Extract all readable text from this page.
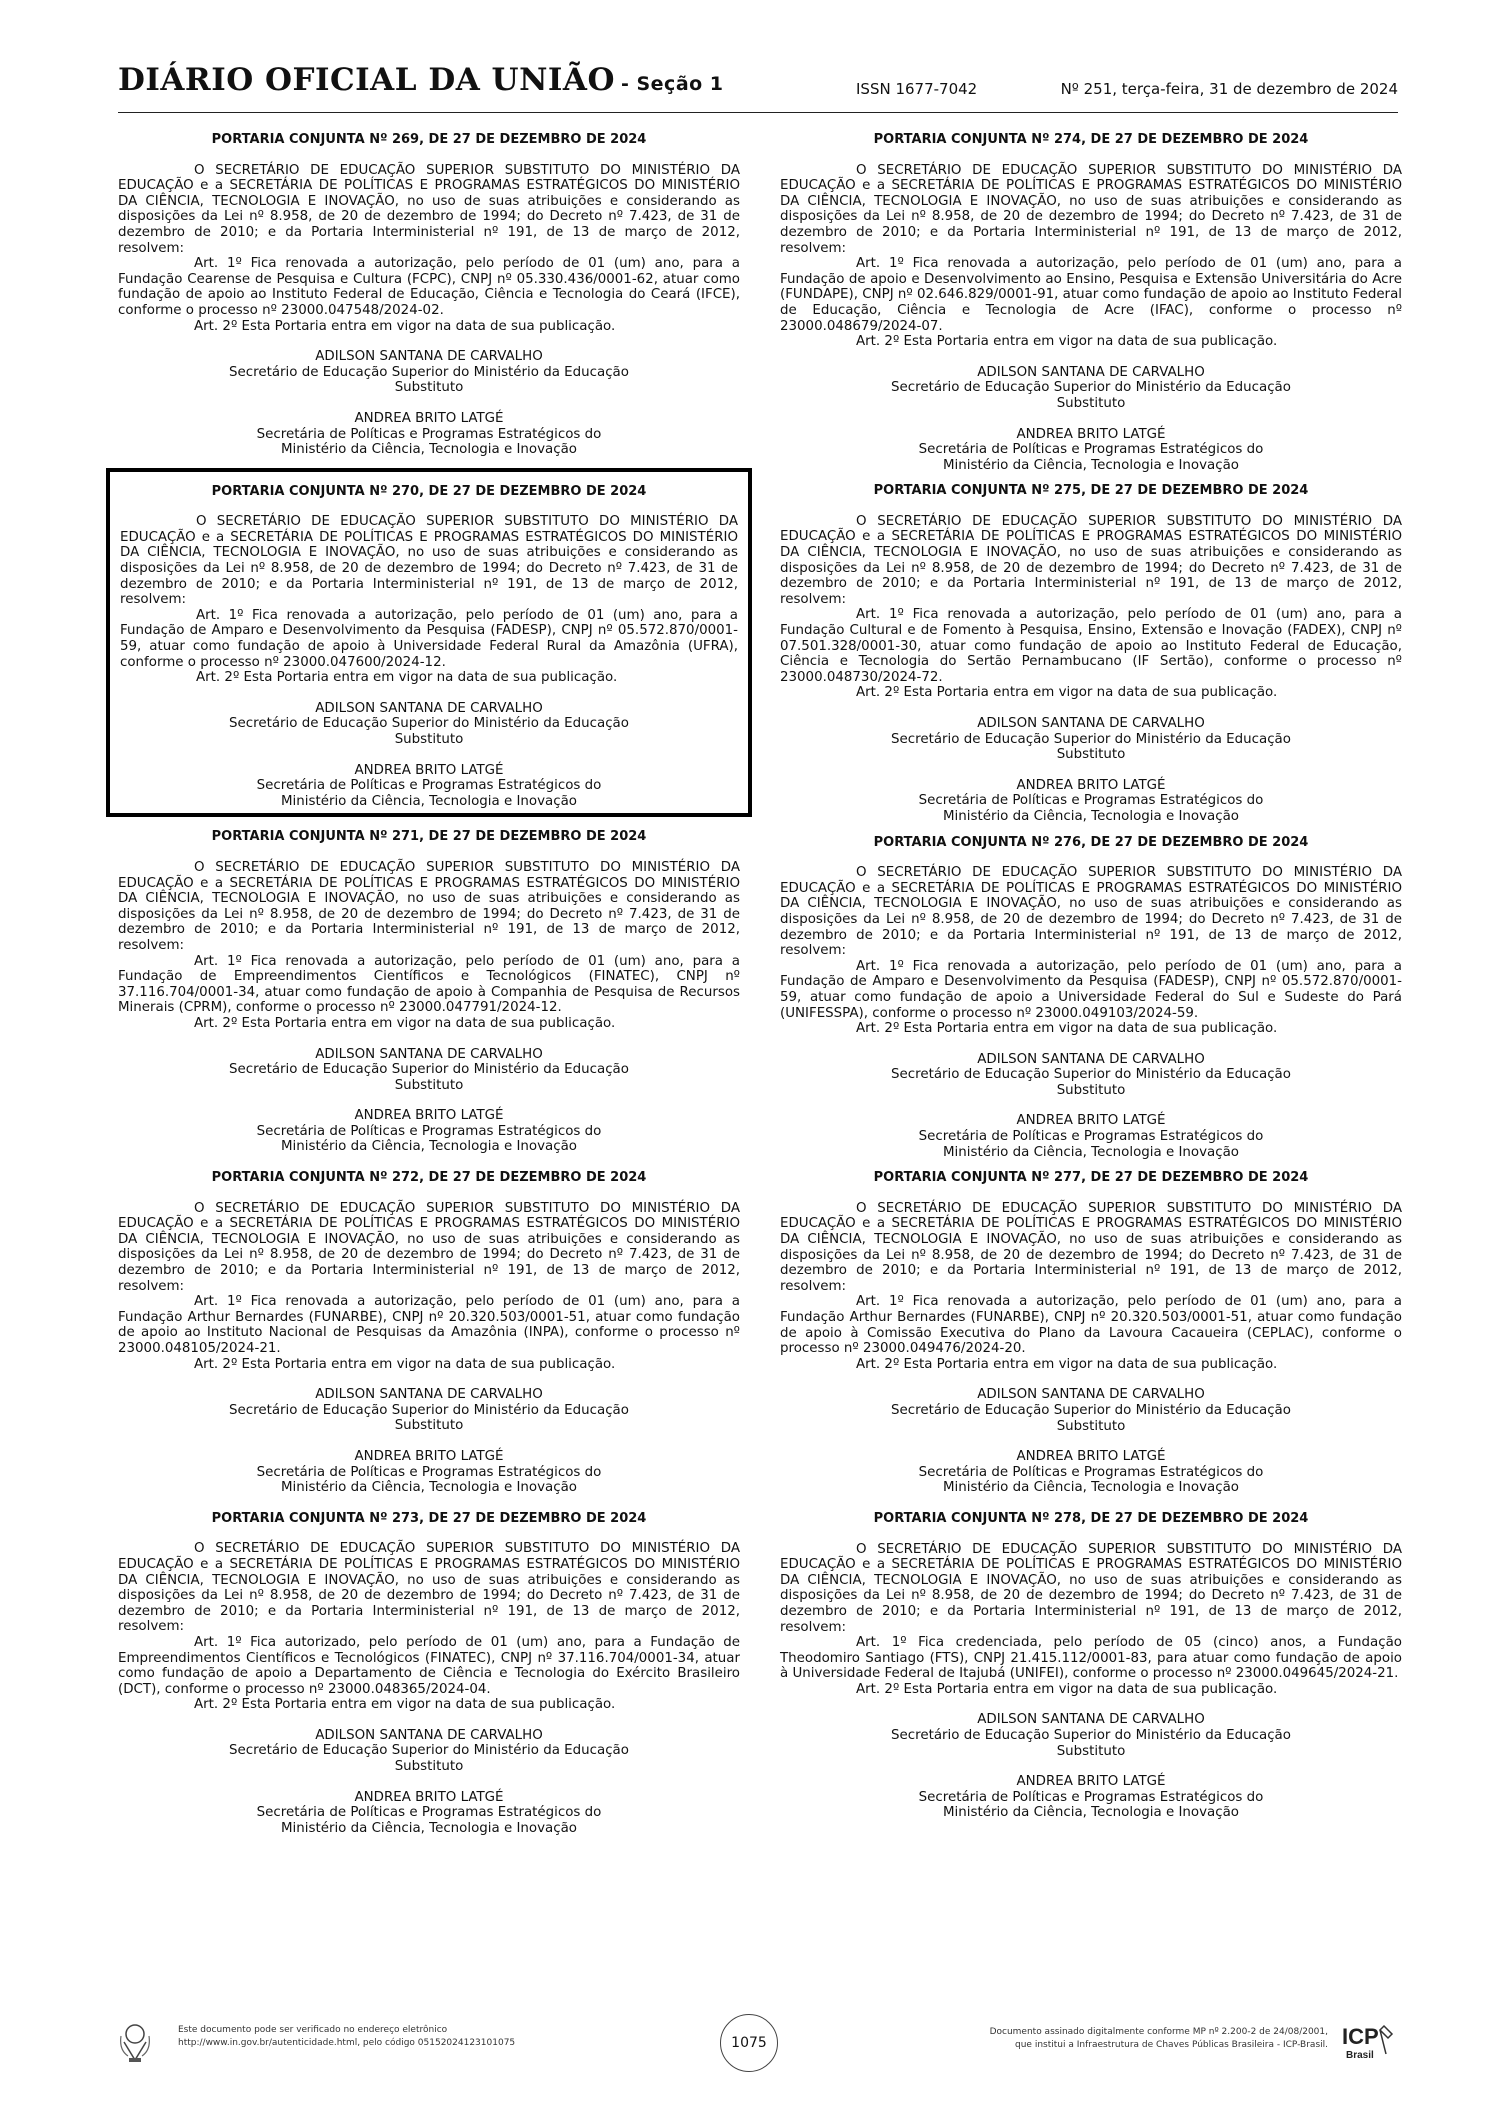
DIÁRIO OFICIAL DA UNIÃO - Seção 1	ISSN 1677-7042	Nº 251, terça-feira, 31 de dezembro de 2024

PORTARIA CONJUNTA Nº 269, DE 27 DE DEZEMBRO DE 2024

O SECRETÁRIO DE EDUCAÇÃO SUPERIOR SUBSTITUTO DO MINISTÉRIO DA EDUCAÇÃO e a SECRETÁRIA DE POLÍTICAS E PROGRAMAS ESTRATÉGICOS DO MINISTÉRIO DA CIÊNCIA, TECNOLOGIA E INOVAÇÃO, no uso de suas atribuições e considerando as disposições da Lei nº 8.958, de 20 de dezembro de 1994; do Decreto nº 7.423, de 31 de dezembro de 2010; e da Portaria Interministerial nº 191, de 13 de março de 2012, resolvem:

Art. 1º Fica renovada a autorização, pelo período de 01 (um) ano, para a Fundação Cearense de Pesquisa e Cultura (FCPC), CNPJ nº 05.330.436/0001-62, atuar como fundação de apoio ao Instituto Federal de Educação, Ciência e Tecnologia do Ceará (IFCE), conforme o processo nº 23000.047548/2024-02.

Art. 2º Esta Portaria entra em vigor na data de sua publicação.

ADILSON SANTANA DE CARVALHO

Secretário de Educação Superior do Ministério da Educação

Substituto

ANDREA BRITO LATGÉ

Secretária de Políticas e Programas Estratégicos do

Ministério da Ciência, Tecnologia e Inovação

PORTARIA CONJUNTA Nº 270, DE 27 DE DEZEMBRO DE 2024

O SECRETÁRIO DE EDUCAÇÃO SUPERIOR SUBSTITUTO DO MINISTÉRIO DA EDUCAÇÃO e a SECRETÁRIA DE POLÍTICAS E PROGRAMAS ESTRATÉGICOS DO MINISTÉRIO DA CIÊNCIA, TECNOLOGIA E INOVAÇÃO, no uso de suas atribuições e considerando as disposições da Lei nº 8.958, de 20 de dezembro de 1994; do Decreto nº 7.423, de 31 de dezembro de 2010; e da Portaria Interministerial nº 191, de 13 de março de 2012, resolvem:

Art. 1º Fica renovada a autorização, pelo período de 01 (um) ano, para a Fundação de Amparo e Desenvolvimento da Pesquisa (FADESP), CNPJ nº 05.572.870/0001-59, atuar como fundação de apoio à Universidade Federal Rural da Amazônia (UFRA), conforme o processo nº 23000.047600/2024-12.

Art. 2º Esta Portaria entra em vigor na data de sua publicação.

ADILSON SANTANA DE CARVALHO

Secretário de Educação Superior do Ministério da Educação

Substituto

ANDREA BRITO LATGÉ

Secretária de Políticas e Programas Estratégicos do

Ministério da Ciência, Tecnologia e Inovação

PORTARIA CONJUNTA Nº 271, DE 27 DE DEZEMBRO DE 2024

O SECRETÁRIO DE EDUCAÇÃO SUPERIOR SUBSTITUTO DO MINISTÉRIO DA EDUCAÇÃO e a SECRETÁRIA DE POLÍTICAS E PROGRAMAS ESTRATÉGICOS DO MINISTÉRIO DA CIÊNCIA, TECNOLOGIA E INOVAÇÃO, no uso de suas atribuições e considerando as disposições da Lei nº 8.958, de 20 de dezembro de 1994; do Decreto nº 7.423, de 31 de dezembro de 2010; e da Portaria Interministerial nº 191, de 13 de março de 2012, resolvem:

Art. 1º Fica renovada a autorização, pelo período de 01 (um) ano, para a Fundação de Empreendimentos Científicos e Tecnológicos (FINATEC), CNPJ nº 37.116.704/0001-34, atuar como fundação de apoio à Companhia de Pesquisa de Recursos Minerais (CPRM), conforme o processo nº 23000.047791/2024-12.

Art. 2º Esta Portaria entra em vigor na data de sua publicação.

ADILSON SANTANA DE CARVALHO

Secretário de Educação Superior do Ministério da Educação

Substituto

ANDREA BRITO LATGÉ

Secretária de Políticas e Programas Estratégicos do

Ministério da Ciência, Tecnologia e Inovação

PORTARIA CONJUNTA Nº 272, DE 27 DE DEZEMBRO DE 2024

O SECRETÁRIO DE EDUCAÇÃO SUPERIOR SUBSTITUTO DO MINISTÉRIO DA EDUCAÇÃO e a SECRETÁRIA DE POLÍTICAS E PROGRAMAS ESTRATÉGICOS DO MINISTÉRIO DA CIÊNCIA, TECNOLOGIA E INOVAÇÃO, no uso de suas atribuições e considerando as disposições da Lei nº 8.958, de 20 de dezembro de 1994; do Decreto nº 7.423, de 31 de dezembro de 2010; e da Portaria Interministerial nº 191, de 13 de março de 2012, resolvem:

Art. 1º Fica renovada a autorização, pelo período de 01 (um) ano, para a Fundação Arthur Bernardes (FUNARBE), CNPJ nº 20.320.503/0001-51, atuar como fundação de apoio ao Instituto Nacional de Pesquisas da Amazônia (INPA), conforme o processo nº 23000.048105/2024-21.

Art. 2º Esta Portaria entra em vigor na data de sua publicação.

ADILSON SANTANA DE CARVALHO

Secretário de Educação Superior do Ministério da Educação

Substituto

ANDREA BRITO LATGÉ

Secretária de Políticas e Programas Estratégicos do

Ministério da Ciência, Tecnologia e Inovação

PORTARIA CONJUNTA Nº 273, DE 27 DE DEZEMBRO DE 2024

O SECRETÁRIO DE EDUCAÇÃO SUPERIOR SUBSTITUTO DO MINISTÉRIO DA EDUCAÇÃO e a SECRETÁRIA DE POLÍTICAS E PROGRAMAS ESTRATÉGICOS DO MINISTÉRIO DA CIÊNCIA, TECNOLOGIA E INOVAÇÃO, no uso de suas atribuições e considerando as disposições da Lei nº 8.958, de 20 de dezembro de 1994; do Decreto nº 7.423, de 31 de dezembro de 2010; e da Portaria Interministerial nº 191, de 13 de março de 2012, resolvem:

Art. 1º Fica autorizado, pelo período de 01 (um) ano, para a Fundação de Empreendimentos Científicos e Tecnológicos (FINATEC), CNPJ nº 37.116.704/0001-34, atuar como fundação de apoio a Departamento de Ciência e Tecnologia do Exército Brasileiro (DCT), conforme o processo nº 23000.048365/2024-04.

Art. 2º Esta Portaria entra em vigor na data de sua publicação.

ADILSON SANTANA DE CARVALHO

Secretário de Educação Superior do Ministério da Educação

Substituto

ANDREA BRITO LATGÉ

Secretária de Políticas e Programas Estratégicos do

Ministério da Ciência, Tecnologia e Inovação

PORTARIA CONJUNTA Nº 274, DE 27 DE DEZEMBRO DE 2024

O SECRETÁRIO DE EDUCAÇÃO SUPERIOR SUBSTITUTO DO MINISTÉRIO DA EDUCAÇÃO e a SECRETÁRIA DE POLÍTICAS E PROGRAMAS ESTRATÉGICOS DO MINISTÉRIO DA CIÊNCIA, TECNOLOGIA E INOVAÇÃO, no uso de suas atribuições e considerando as disposições da Lei nº 8.958, de 20 de dezembro de 1994; do Decreto nº 7.423, de 31 de dezembro de 2010; e da Portaria Interministerial nº 191, de 13 de março de 2012, resolvem:

Art. 1º Fica renovada a autorização, pelo período de 01 (um) ano, para a Fundação de apoio e Desenvolvimento ao Ensino, Pesquisa e Extensão Universitária do Acre (FUNDAPE), CNPJ nº 02.646.829/0001-91, atuar como fundação de apoio ao Instituto Federal de Educação, Ciência e Tecnologia de Acre (IFAC), conforme o processo nº 23000.048679/2024-07.

Art. 2º Esta Portaria entra em vigor na data de sua publicação.

ADILSON SANTANA DE CARVALHO

Secretário de Educação Superior do Ministério da Educação

Substituto

ANDREA BRITO LATGÉ

Secretária de Políticas e Programas Estratégicos do

Ministério da Ciência, Tecnologia e Inovação

PORTARIA CONJUNTA Nº 275, DE 27 DE DEZEMBRO DE 2024

O SECRETÁRIO DE EDUCAÇÃO SUPERIOR SUBSTITUTO DO MINISTÉRIO DA EDUCAÇÃO e a SECRETÁRIA DE POLÍTICAS E PROGRAMAS ESTRATÉGICOS DO MINISTÉRIO DA CIÊNCIA, TECNOLOGIA E INOVAÇÃO, no uso de suas atribuições e considerando as disposições da Lei nº 8.958, de 20 de dezembro de 1994; do Decreto nº 7.423, de 31 de dezembro de 2010; e da Portaria Interministerial nº 191, de 13 de março de 2012, resolvem:

Art. 1º Fica renovada a autorização, pelo período de 01 (um) ano, para a Fundação Cultural e de Fomento à Pesquisa, Ensino, Extensão e Inovação (FADEX), CNPJ nº 07.501.328/0001-30, atuar como fundação de apoio ao Instituto Federal de Educação, Ciência e Tecnologia do Sertão Pernambucano (IF Sertão), conforme o processo nº 23000.048730/2024-72.

Art. 2º Esta Portaria entra em vigor na data de sua publicação.

ADILSON SANTANA DE CARVALHO

Secretário de Educação Superior do Ministério da Educação

Substituto

ANDREA BRITO LATGÉ

Secretária de Políticas e Programas Estratégicos do

Ministério da Ciência, Tecnologia e Inovação

PORTARIA CONJUNTA Nº 276, DE 27 DE DEZEMBRO DE 2024

O SECRETÁRIO DE EDUCAÇÃO SUPERIOR SUBSTITUTO DO MINISTÉRIO DA EDUCAÇÃO e a SECRETÁRIA DE POLÍTICAS E PROGRAMAS ESTRATÉGICOS DO MINISTÉRIO DA CIÊNCIA, TECNOLOGIA E INOVAÇÃO, no uso de suas atribuições e considerando as disposições da Lei nº 8.958, de 20 de dezembro de 1994; do Decreto nº 7.423, de 31 de dezembro de 2010; e da Portaria Interministerial nº 191, de 13 de março de 2012, resolvem:

Art. 1º Fica renovada a autorização, pelo período de 01 (um) ano, para a Fundação de Amparo e Desenvolvimento da Pesquisa (FADESP), CNPJ nº 05.572.870/0001-59, atuar como fundação de apoio a Universidade Federal do Sul e Sudeste do Pará (UNIFESSPA), conforme o processo nº 23000.049103/2024-59.

Art. 2º Esta Portaria entra em vigor na data de sua publicação.

ADILSON SANTANA DE CARVALHO

Secretário de Educação Superior do Ministério da Educação

Substituto

ANDREA BRITO LATGÉ

Secretária de Políticas e Programas Estratégicos do

Ministério da Ciência, Tecnologia e Inovação

PORTARIA CONJUNTA Nº 277, DE 27 DE DEZEMBRO DE 2024

O SECRETÁRIO DE EDUCAÇÃO SUPERIOR SUBSTITUTO DO MINISTÉRIO DA EDUCAÇÃO e a SECRETÁRIA DE POLÍTICAS E PROGRAMAS ESTRATÉGICOS DO MINISTÉRIO DA CIÊNCIA, TECNOLOGIA E INOVAÇÃO, no uso de suas atribuições e considerando as disposições da Lei nº 8.958, de 20 de dezembro de 1994; do Decreto nº 7.423, de 31 de dezembro de 2010; e da Portaria Interministerial nº 191, de 13 de março de 2012, resolvem:

Art. 1º Fica renovada a autorização, pelo período de 01 (um) ano, para a Fundação Arthur Bernardes (FUNARBE), CNPJ nº 20.320.503/0001-51, atuar como fundação de apoio à Comissão Executiva do Plano da Lavoura Cacaueira (CEPLAC), conforme o processo nº 23000.049476/2024-20.

Art. 2º Esta Portaria entra em vigor na data de sua publicação.

ADILSON SANTANA DE CARVALHO

Secretário de Educação Superior do Ministério da Educação

Substituto

ANDREA BRITO LATGÉ

Secretária de Políticas e Programas Estratégicos do

Ministério da Ciência, Tecnologia e Inovação

PORTARIA CONJUNTA Nº 278, DE 27 DE DEZEMBRO DE 2024

O SECRETÁRIO DE EDUCAÇÃO SUPERIOR SUBSTITUTO DO MINISTÉRIO DA EDUCAÇÃO e a SECRETÁRIA DE POLÍTICAS E PROGRAMAS ESTRATÉGICOS DO MINISTÉRIO DA CIÊNCIA, TECNOLOGIA E INOVAÇÃO, no uso de suas atribuições e considerando as disposições da Lei nº 8.958, de 20 de dezembro de 1994; do Decreto nº 7.423, de 31 de dezembro de 2010; e da Portaria Interministerial nº 191, de 13 de março de 2012, resolvem:

Art. 1º Fica credenciada, pelo período de 05 (cinco) anos, a Fundação Theodomiro Santiago (FTS), CNPJ 21.415.112/0001-83, para atuar como fundação de apoio à Universidade Federal de Itajubá (UNIFEI), conforme o processo nº 23000.049645/2024-21.

Art. 2º Esta Portaria entra em vigor na data de sua publicação.

ADILSON SANTANA DE CARVALHO

Secretário de Educação Superior do Ministério da Educação

Substituto

ANDREA BRITO LATGÉ

Secretária de Políticas e Programas Estratégicos do

Ministério da Ciência, Tecnologia e Inovação

Este documento pode ser verificado no endereço eletrônico
http://www.in.gov.br/autenticidade.html, pelo código 05152024123101075	1075
Documento assinado digitalmente conforme MP nº 2.200-2 de 24/08/2001,
que institui a Infraestrutura de Chaves Públicas Brasileira - ICP-Brasil. ICP
Brasil
